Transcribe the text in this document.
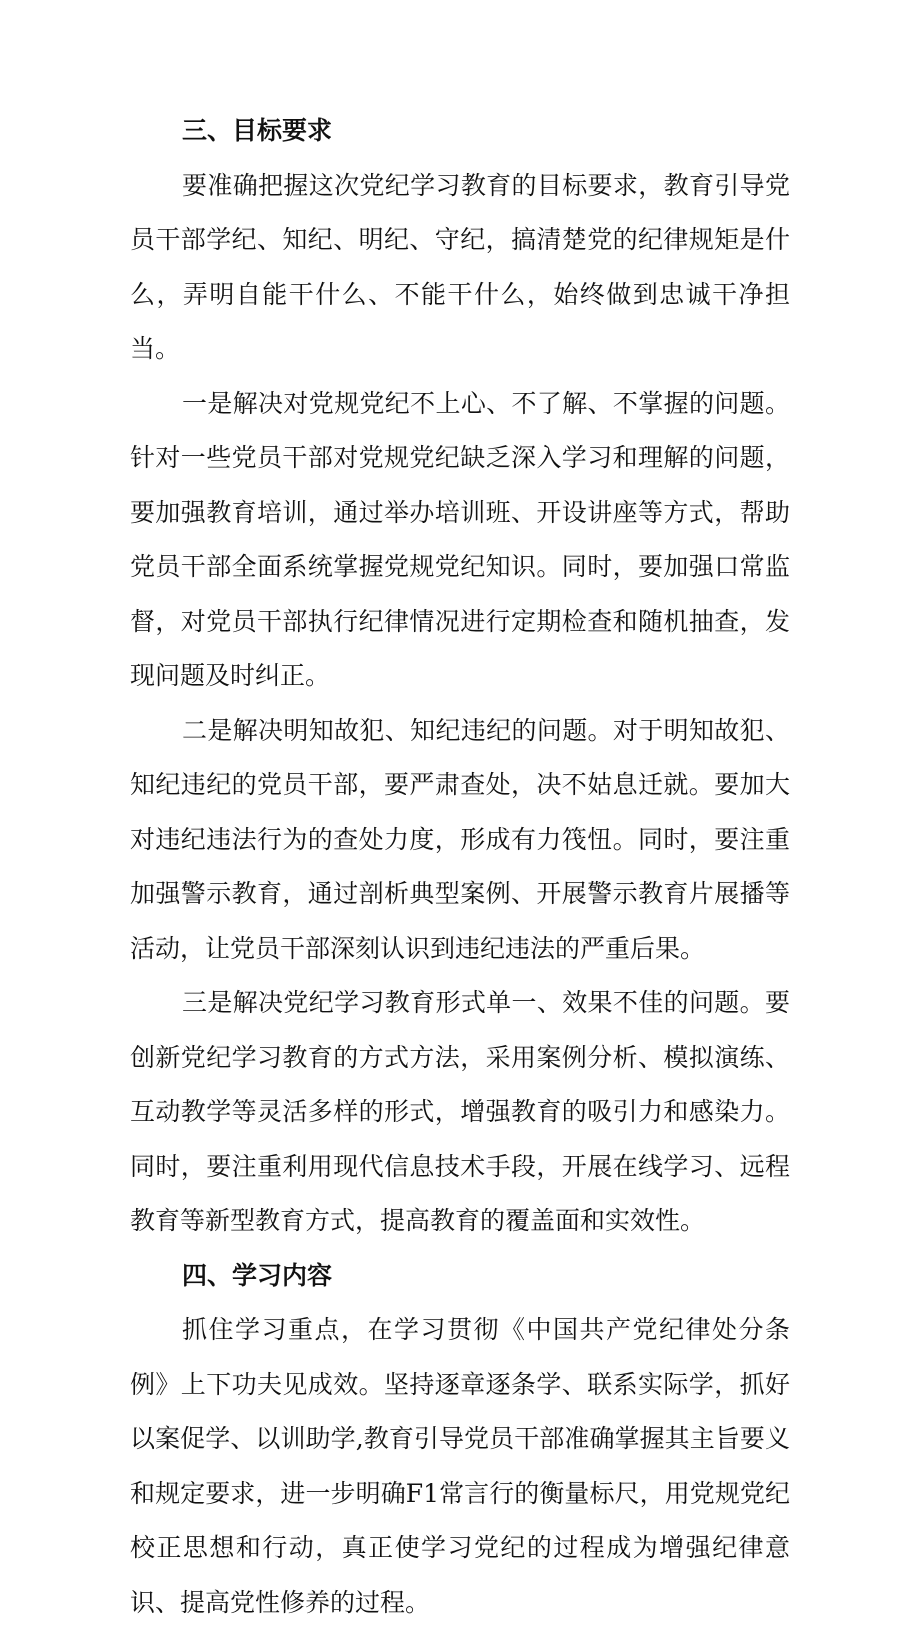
三、目标要求

要准确把握这次党纪学习教育的目标要求，教育引导党员干部学纪、知纪、明纪、守纪，搞清楚党的纪律规矩是什么，弄明自能干什么、不能干什么，始终做到忠诚干净担当。

一是解决对党规党纪不上心、不了解、不掌握的问题。针对一些党员干部对党规党纪缺乏深入学习和理解的问题，要加强教育培训，通过举办培训班、开设讲座等方式，帮助党员干部全面系统掌握党规党纪知识。同时，要加强口常监督，对党员干部执行纪律情况进行定期检查和随机抽查，发现问题及时纠正。

二是解决明知故犯、知纪违纪的问题。对于明知故犯、知纪违纪的党员干部，要严肃查处，决不姑息迁就。要加大对违纪违法行为的查处力度，形成有力筏忸。同时，要注重加强警示教育，通过剖析典型案例、开展警示教育片展播等活动，让党员干部深刻认识到违纪违法的严重后果。

三是解决党纪学习教育形式单一、效果不佳的问题。要创新党纪学习教育的方式方法，采用案例分析、模拟演练、互动教学等灵活多样的形式，增强教育的吸引力和感染力。同时，要注重利用现代信息技术手段，开展在线学习、远程教育等新型教育方式，提高教育的覆盖面和实效性。

四、学习内容

抓住学习重点，在学习贯彻《中国共产党纪律处分条例》上下功夫见成效。坚持逐章逐条学、联系实际学，抓好以案促学、以训助学,教育引导党员干部准确掌握其主旨要义和规定要求，进一步明确F1常言行的衡量标尺，用党规党纪校正思想和行动，真正使学习党纪的过程成为增强纪律意识、提高党性修养的过程。
